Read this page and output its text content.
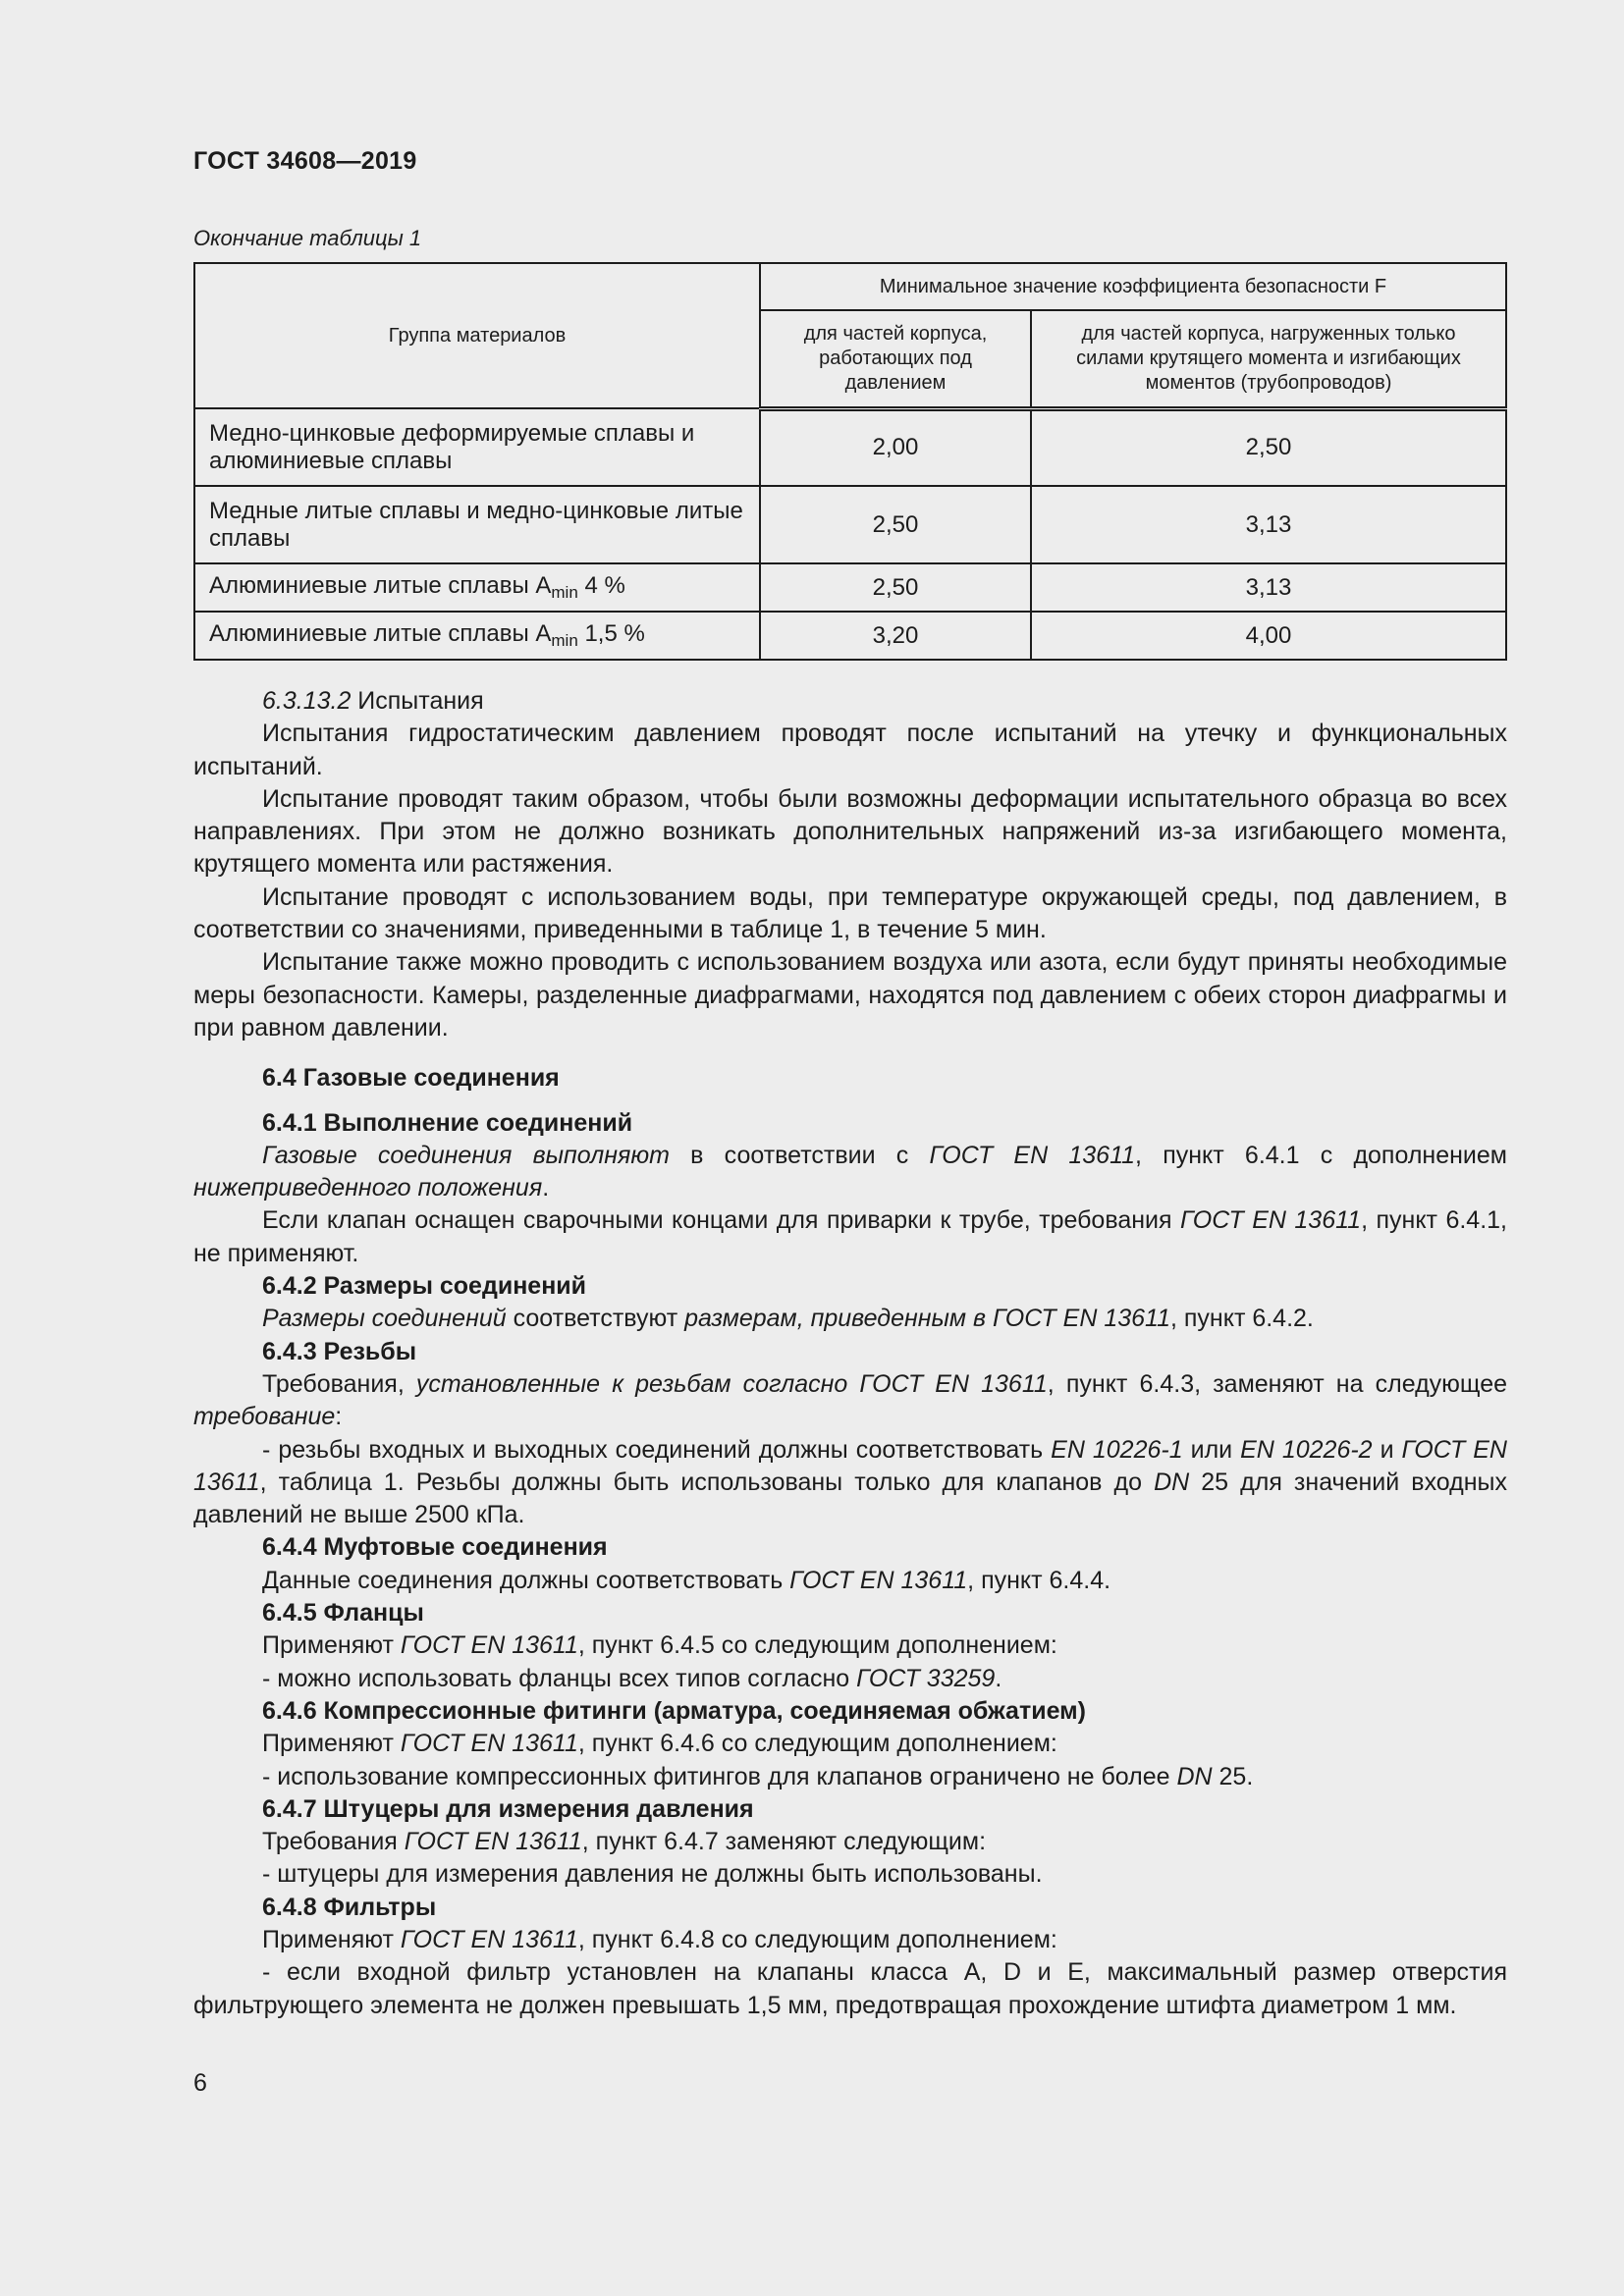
ГОСТ 34608—2019
Окончание таблицы 1
Группа материалов	Минимальное значение коэффициента безопасности F	
	для частей корпуса, работающих под давлением	для частей корпуса, нагруженных только силами крутящего момента и изгибающих моментов (трубопроводов)
Медно-цинковые деформируемые сплавы и алюминиевые сплавы	2,00	2,50
Медные литые сплавы и медно-цинковые литые сплавы	2,50	3,13
Алюминиевые литые сплавы $A_{min}$ 4 %	2,50	3,13
Алюминиевые литые сплавы $A_{min}$ 1,5 %	3,20	4,00

6.3.13.2 Испытания

Испытания гидростатическим давлением проводят после испытаний на утечку и функциональных испытаний.

Испытание проводят таким образом, чтобы были возможны деформации испытательного образца во всех направлениях. При этом не должно возникать дополнительных напряжений из-за изгибающего момента, крутящего момента или растяжения.

Испытание проводят с использованием воды, при температуре окружающей среды, под давлением, в соответствии со значениями, приведенными в таблице 1, в течение 5 мин.

Испытание также можно проводить с использованием воздуха или азота, если будут приняты необходимые меры безопасности. Камеры, разделенные диафрагмами, находятся под давлением с обеих сторон диафрагмы и при равном давлении.

6.4 Газовые соединения

6.4.1 Выполнение соединений

Газовые соединения выполняют в соответствии с ГОСТ EN 13611, пункт 6.4.1 с дополнением нижеприведенного положения.

Если клапан оснащен сварочными концами для приварки к трубе, требования ГОСТ EN 13611, пункт 6.4.1, не применяют.

6.4.2 Размеры соединений

Размеры соединений соответствуют размерам, приведенным в ГОСТ EN 13611, пункт 6.4.2.

6.4.3 Резьбы

Требования, установленные к резьбам согласно ГОСТ EN 13611, пункт 6.4.3, заменяют на следующее требование:

- резьбы входных и выходных соединений должны соответствовать EN 10226-1 или EN 10226-2 и ГОСТ EN 13611, таблица 1. Резьбы должны быть использованы только для клапанов до DN 25 для значений входных давлений не выше 2500 кПа.

6.4.4 Муфтовые соединения

Данные соединения должны соответствовать ГОСТ EN 13611, пункт 6.4.4.

6.4.5 Фланцы

Применяют ГОСТ EN 13611, пункт 6.4.5 со следующим дополнением:

- можно использовать фланцы всех типов согласно ГОСТ 33259.

6.4.6 Компрессионные фитинги (арматура, соединяемая обжатием)

Применяют ГОСТ EN 13611, пункт 6.4.6 со следующим дополнением:

- использование компрессионных фитингов для клапанов ограничено не более DN 25.

6.4.7 Штуцеры для измерения давления

Требования ГОСТ EN 13611, пункт 6.4.7 заменяют следующим:

- штуцеры для измерения давления не должны быть использованы.

6.4.8 Фильтры

Применяют ГОСТ EN 13611, пункт 6.4.8 со следующим дополнением:

- если входной фильтр установлен на клапаны класса A, D и E, максимальный размер отверстия фильтрующего элемента не должен превышать 1,5 мм, предотвращая прохождение штифта диаметром 1 мм.

6
